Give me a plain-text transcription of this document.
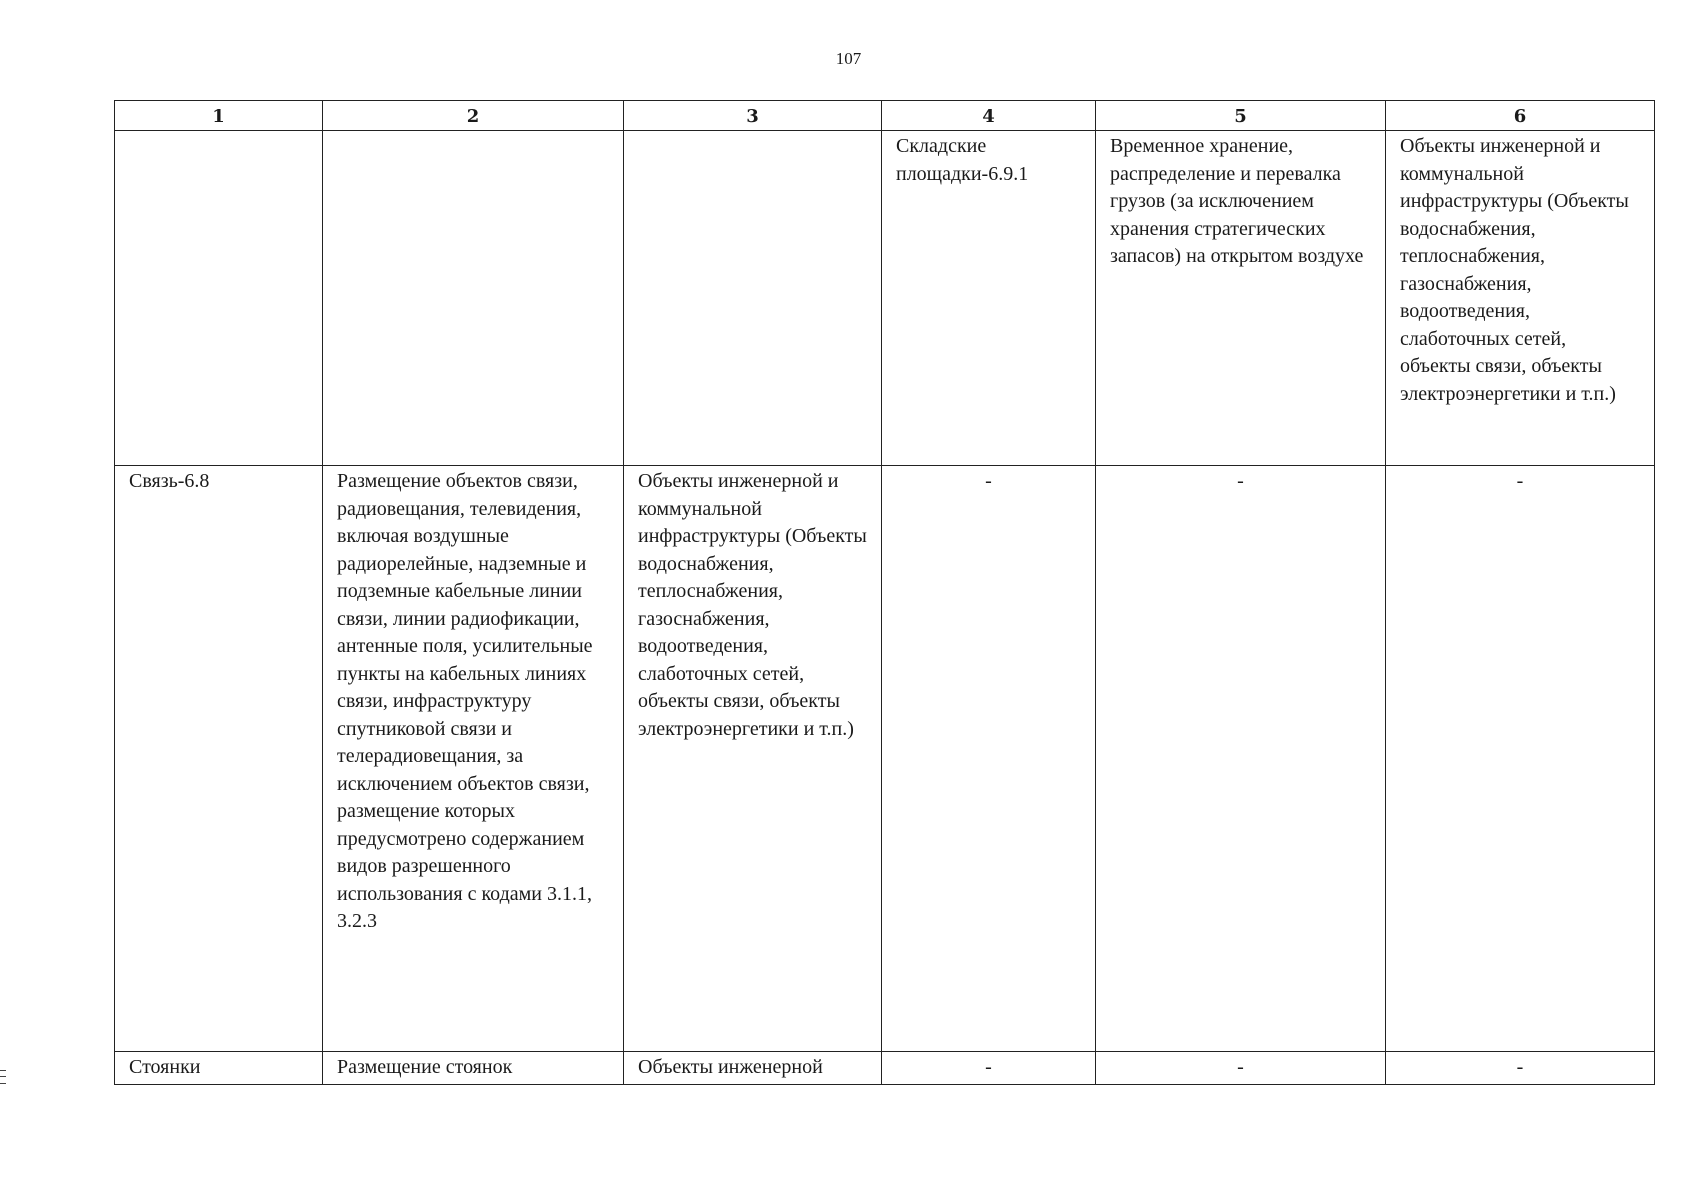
107
1	2	3	4	5	6
			Складские площадки-6.9.1	Временное хранение, распределение и перевалка грузов (за исключением хранения стратегических запасов) на открытом воздухе	Объекты инженерной и коммунальной инфраструктуры (Объекты водоснабжения, теплоснабжения, газоснабжения, водоотведения, слаботочных сетей, объекты связи, объекты электроэнергетики и т.п.)
Связь-6.8	Размещение объектов связи, радиовещания, телевидения, включая воздушные радиорелейные, надземные и подземные кабельные линии связи, линии радиофикации, антенные поля, усилительные пункты на кабельных линиях связи, инфраструктуру спутниковой связи и телерадиовещания, за исключением объектов связи, размещение которых предусмотрено содержанием видов разрешенного использования с кодами 3.1.1, 3.2.3	Объекты инженерной и коммунальной инфраструктуры (Объекты водоснабжения, теплоснабжения, газоснабжения, водоотведения, слаботочных сетей, объекты связи, объекты электроэнергетики и т.п.)	-	-	-
Стоянки	Размещение стоянок	Объекты инженерной	-	-	-
